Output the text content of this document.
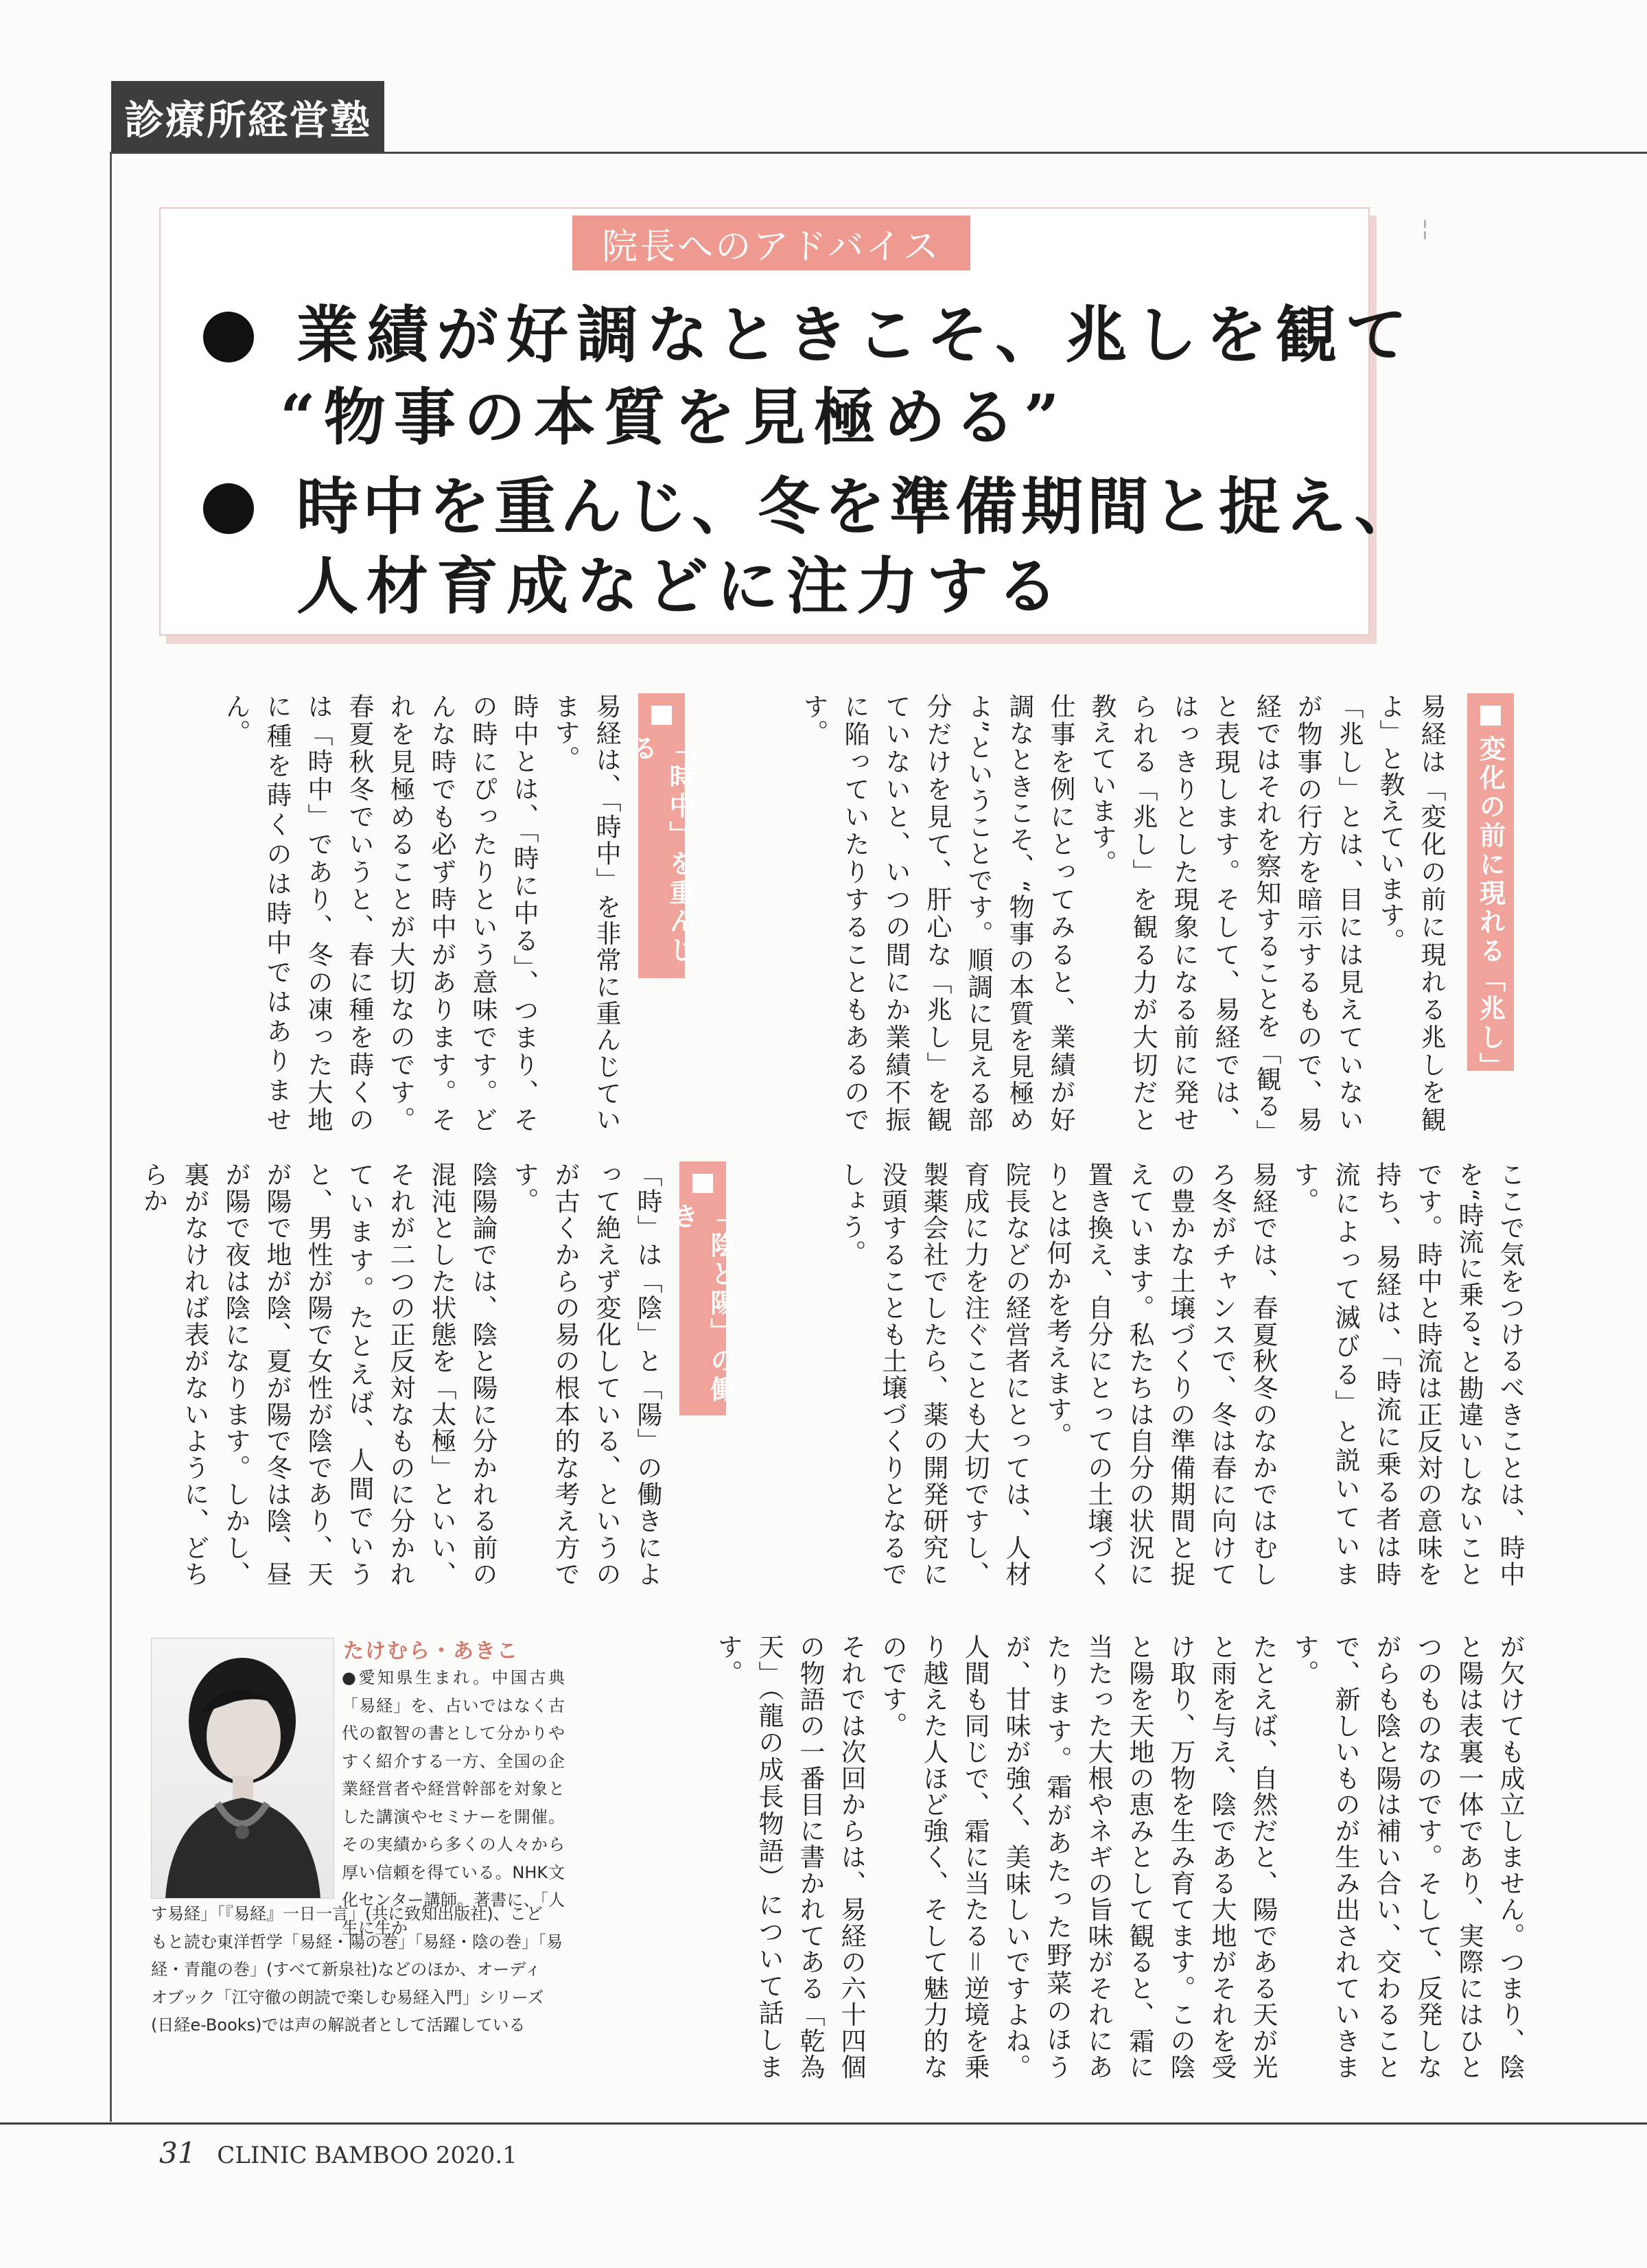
診療所経営塾
院長へのアドバイス
業績が好調なときこそ、兆しを観て
“物事の本質を見極める”
時中を重んじ、冬を準備期間と捉え、
人材育成などに注力する
╎
変化の前に現れる「兆し」
易経は「変化の前に現れる兆しを観よ」と教えています。
「兆し」とは、目には見えていないが物事の行方を暗示するもので、易経ではそれを察知することを「観る」と表現します。そして、易経では、はっきりとした現象になる前に発せられる「兆し」を観る力が大切だと教えています。
仕事を例にとってみると、業績が好調なときこそ、“物事の本質を見極めよ”ということです。順調に見える部分だけを見て、肝心な「兆し」を観ていないと、いつの間にか業績不振に陥っていたりすることもあるのです。
「時中」を重んじる
易経は、「時中」を非常に重んじています。
時中とは、「時に中る」、つまり、その時にぴったりという意味です。どんな時でも必ず時中があります。それを見極めることが大切なのです。春夏秋冬でいうと、春に種を蒔くのは「時中」であり、冬の凍った大地に種を蒔くのは時中ではありません。
ここで気をつけるべきことは、時中を“時流に乗る”と勘違いしないことです。時中と時流は正反対の意味を持ち、易経は、「時流に乗る者は時流によって滅びる」と説いています。
易経では、春夏秋冬のなかではむしろ冬がチャンスで、冬は春に向けての豊かな土壌づくりの準備期間と捉えています。私たちは自分の状況に置き換え、自分にとっての土壌づくりとは何かを考えます。
院長などの経営者にとっては、人材育成に力を注ぐことも大切ですし、製薬会社でしたら、薬の開発研究に没頭することも土壌づくりとなるでしょう。
「陰と陽」の働き
「時」は「陰」と「陽」の働きによって絶えず変化している、というのが古くからの易の根本的な考え方です。
陰陽論では、陰と陽に分かれる前の混沌とした状態を「太極」といい、それが二つの正反対なものに分かれています。たとえば、人間でいうと、男性が陽で女性が陰であり、天が陽で地が陰、夏が陽で冬は陰、昼が陽で夜は陰になります。しかし、裏がなければ表がないように、どちらか
が欠けても成立しません。つまり、陰と陽は表裏一体であり、実際にはひとつのものなのです。そして、反発しながらも陰と陽は補い合い、交わることで、新しいものが生み出されていきます。
たとえば、自然だと、陽である天が光と雨を与え、陰である大地がそれを受け取り、万物を生み育てます。この陰と陽を天地の恵みとして観ると、霜に当たった大根やネギの旨味がそれにあたります。霜があたった野菜のほうが、甘味が強く、美味しいですよね。人間も同じで、霜に当たる＝逆境を乗り越えた人ほど強く、そして魅力的なのです。
それでは次回からは、易経の六十四個の物語の一番目に書かれてある「乾為天」（龍の成長物語）について話します。
たけむら・あきこ
●愛知県生まれ。中国古典「易経」を、占いではなく古代の叡智の書として分かりやすく紹介する一方、全国の企業経営者や経営幹部を対象とした講演やセミナーを開催。その実績から多くの人々から厚い信頼を得ている。NHK文化センター講師。著書に、「人生に生か
す易経」「『易経』一日一言」(共に致知出版社)、こど
もと読む東洋哲学「易経・陽の巻」「易経・陰の巻」「易
経・青龍の巻」(すべて新泉社)などのほか、オーディ
オブック「江守徹の朗読で楽しむ易経入門」シリーズ
(日経e-Books)では声の解説者として活躍している
31 CLINIC BAMBOO 2020.1
